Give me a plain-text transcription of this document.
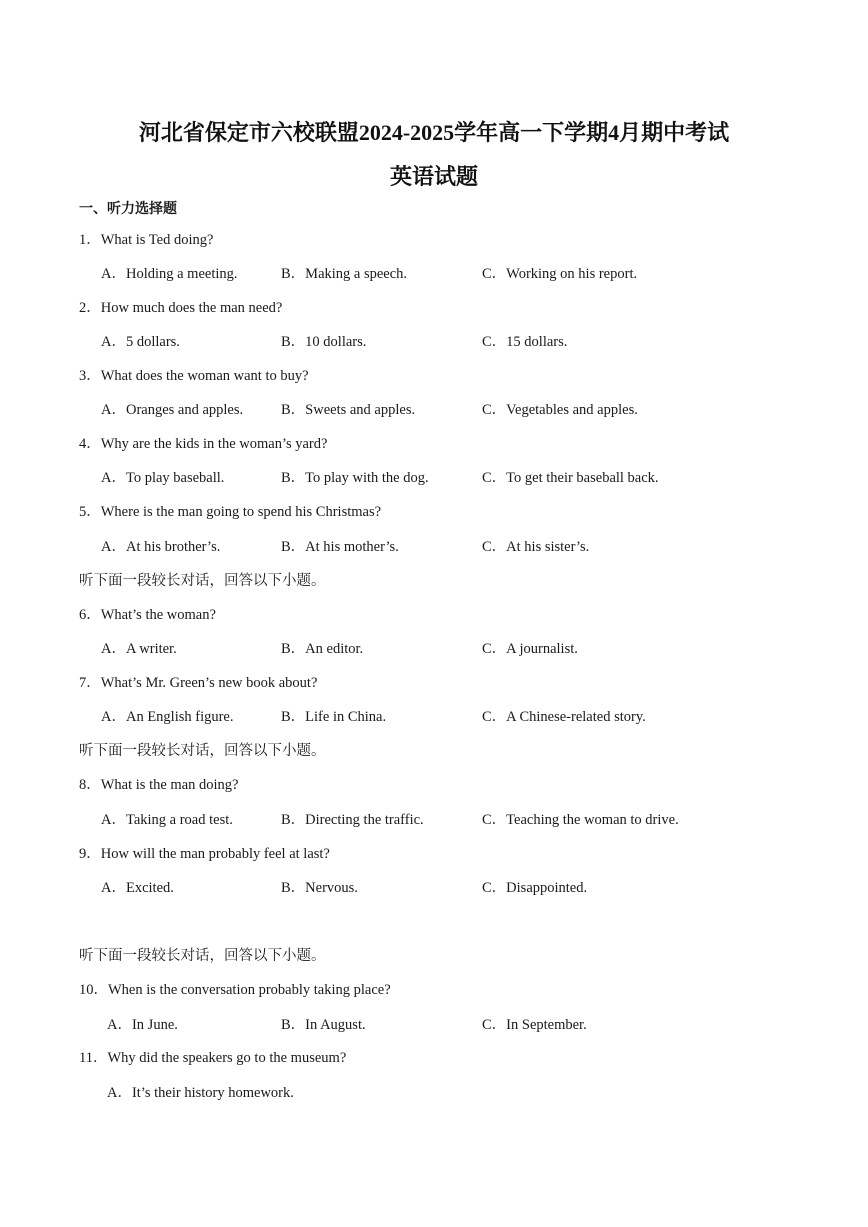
河北省保定市六校联盟2024-2025学年高一下学期4月期中考试
英语试题
一、听力选择题
1．What is Ted doing?
A．Holding a meeting.	B．Making a speech.	C．Working on his report.
2．How much does the man need?
A．5 dollars.	B．10 dollars.	C．15 dollars.
3．What does the woman want to buy?
A．Oranges and apples.	B．Sweets and apples.	C．Vegetables and apples.
4．Why are the kids in the woman’s yard?
A．To play baseball.	B．To play with the dog.	C．To get their baseball back.
5．Where is the man going to spend his Christmas?
A．At his brother’s.	B．At his mother’s.	C．At his sister’s.
听下面一段较长对话，回答以下小题。
6．What’s the woman?
A．A writer.	B．An editor.	C．A journalist.
7．What’s Mr. Green’s new book about?
A．An English figure.	B．Life in China.	C．A Chinese-related story.
听下面一段较长对话，回答以下小题。
8．What is the man doing?
A．Taking a road test.	B．Directing the traffic.	C．Teaching the woman to drive.
9．How will the man probably feel at last?
A．Excited.	B．Nervous.	C．Disappointed.
听下面一段较长对话，回答以下小题。
10．When is the conversation probably taking place?
A．In June.	B．In August.	C．In September.
11．Why did the speakers go to the museum?
A．It’s their history homework.
